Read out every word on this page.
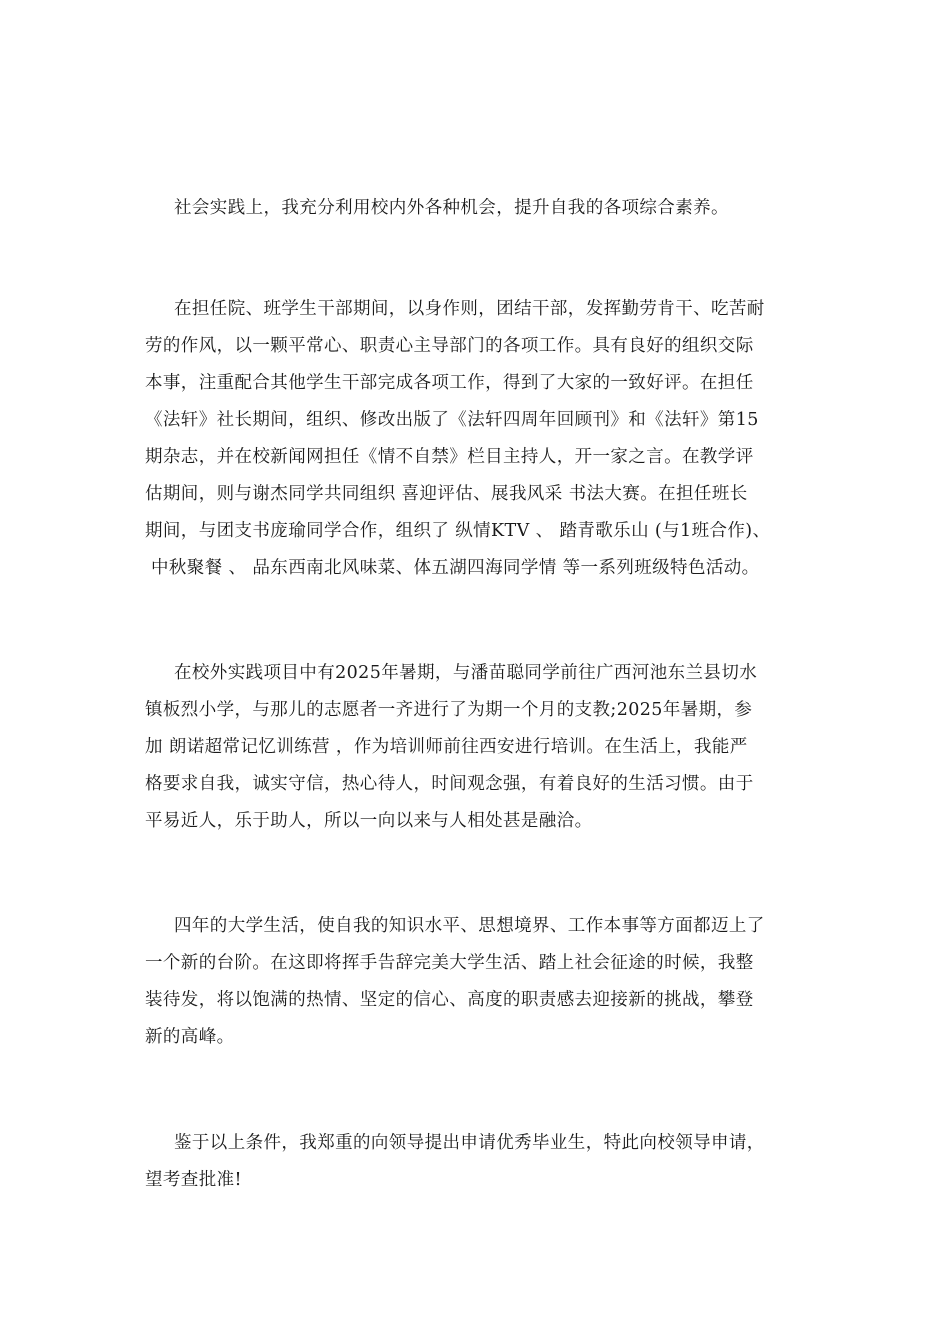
社会实践上，我充分利用校内外各种机会，提升自我的各项综合素养。

在担任院、班学生干部期间，以身作则，团结干部，发挥勤劳肯干、吃苦耐
劳的作风，以一颗平常心、职责心主导部门的各项工作。具有良好的组织交际
本事，注重配合其他学生干部完成各项工作，得到了大家的一致好评。在担任
《法轩》社长期间，组织、修改出版了《法轩四周年回顾刊》和《法轩》第15
期杂志，并在校新闻网担任《情不自禁》栏目主持人，开一家之言。在教学评
估期间，则与谢杰同学共同组织 喜迎评估、展我风采 书法大赛。在担任班长
期间，与团支书庞瑜同学合作，组织了 纵情KTV 、 踏青歌乐山 (与1班合作)、
中秋聚餐 、 品东西南北风味菜、体五湖四海同学情 等一系列班级特色活动。

在校外实践项目中有2025年暑期，与潘苗聪同学前往广西河池东兰县切水
镇板烈小学，与那儿的志愿者一齐进行了为期一个月的支教;2025年暑期，参
加 朗诺超常记忆训练营 ，作为培训师前往西安进行培训。在生活上，我能严
格要求自我，诚实守信，热心待人，时间观念强，有着良好的生活习惯。由于
平易近人，乐于助人，所以一向以来与人相处甚是融洽。

四年的大学生活，使自我的知识水平、思想境界、工作本事等方面都迈上了
一个新的台阶。在这即将挥手告辞完美大学生活、踏上社会征途的时候，我整
装待发，将以饱满的热情、坚定的信心、高度的职责感去迎接新的挑战，攀登
新的高峰。

鉴于以上条件，我郑重的向领导提出申请优秀毕业生，特此向校领导申请，
望考查批准!
